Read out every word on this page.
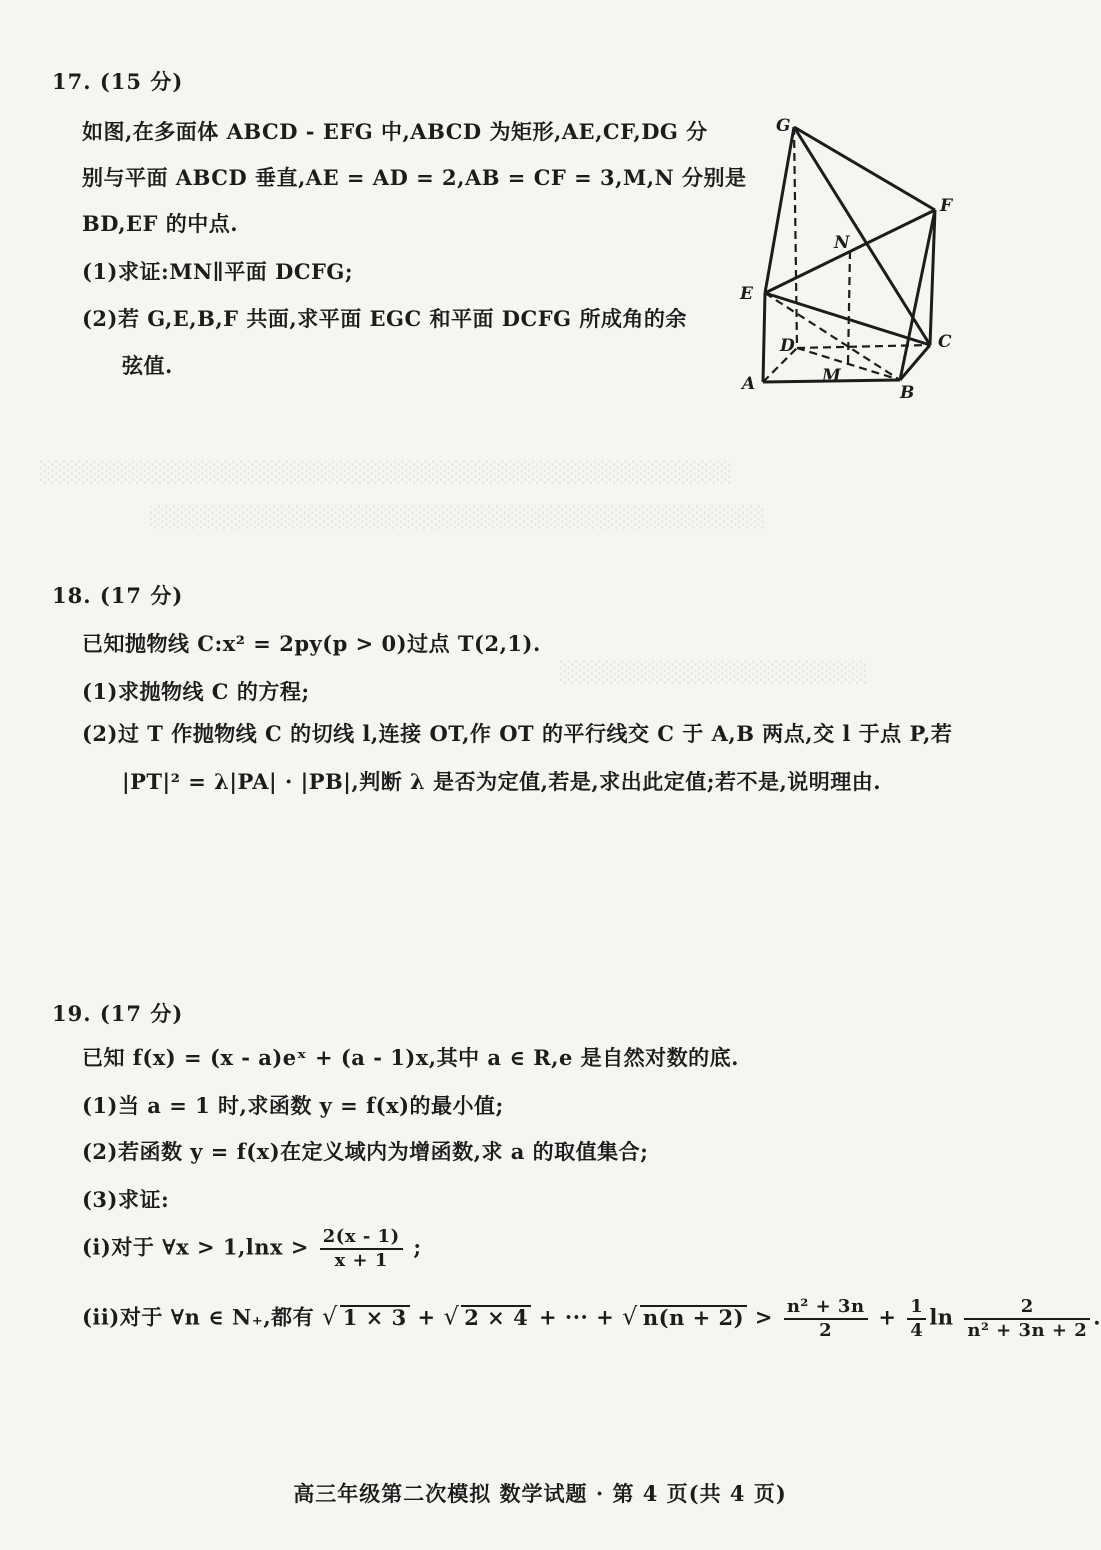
░░░░░░░░░░░░░░░░░░░░░░░░░░░░░░░░░░░░░░░░░░░░░
░░░░░░░░░░░░░░░░░░░░░░░░░░░░░░░░░░░░░░░░
░░░░░░░░░░░░░░░░░░░░
17. (15 分)
如图,在多面体 ABCD - EFG 中,ABCD 为矩形,AE,CF,DG 分
别与平面 ABCD 垂直,AE = AD = 2,AB = CF = 3,M,N 分别是
BD,EF 的中点.
(1)求证:MN∥平面 DCFG;
(2)若 G,E,B,F 共面,求平面 EGC 和平面 DCFG 所成角的余
弦值.
G
F
N
E
D	C
M
A	B
18. (17 分)
已知抛物线 C:x² = 2py(p > 0)过点 T(2,1).
(1)求抛物线 C 的方程;
(2)过 T 作抛物线 C 的切线 l,连接 OT,作 OT 的平行线交 C 于 A,B 两点,交 l 于点 P,若
|PT|² = λ|PA| · |PB|,判断 λ 是否为定值,若是,求出此定值;若不是,说明理由.
19. (17 分)
已知 f(x) = (x - a)eˣ + (a - 1)x,其中 a ∈ R,e 是自然对数的底.
(1)当 a = 1 时,求函数 y = f(x)的最小值;
(2)若函数 y = f(x)在定义域内为增函数,求 a 的取值集合;
(3)求证:
(i)对于 ∀x > $1,\ln x > \frac{2(x - 1)}{x + 1}$ ;
(ii)对于 ∀n ∈ N₊,都有 √ 1 × 3 + √ 2 × 4 + ··· + √ $n(n + 2) > \frac{\text{n² + 3n}}{2} + \frac{1}{4}$ $\ln \frac{2}{\text{n² + 3n + 2}}$ .
高三年级第二次模拟 数学试题 · 第 4 页(共 4 页)
